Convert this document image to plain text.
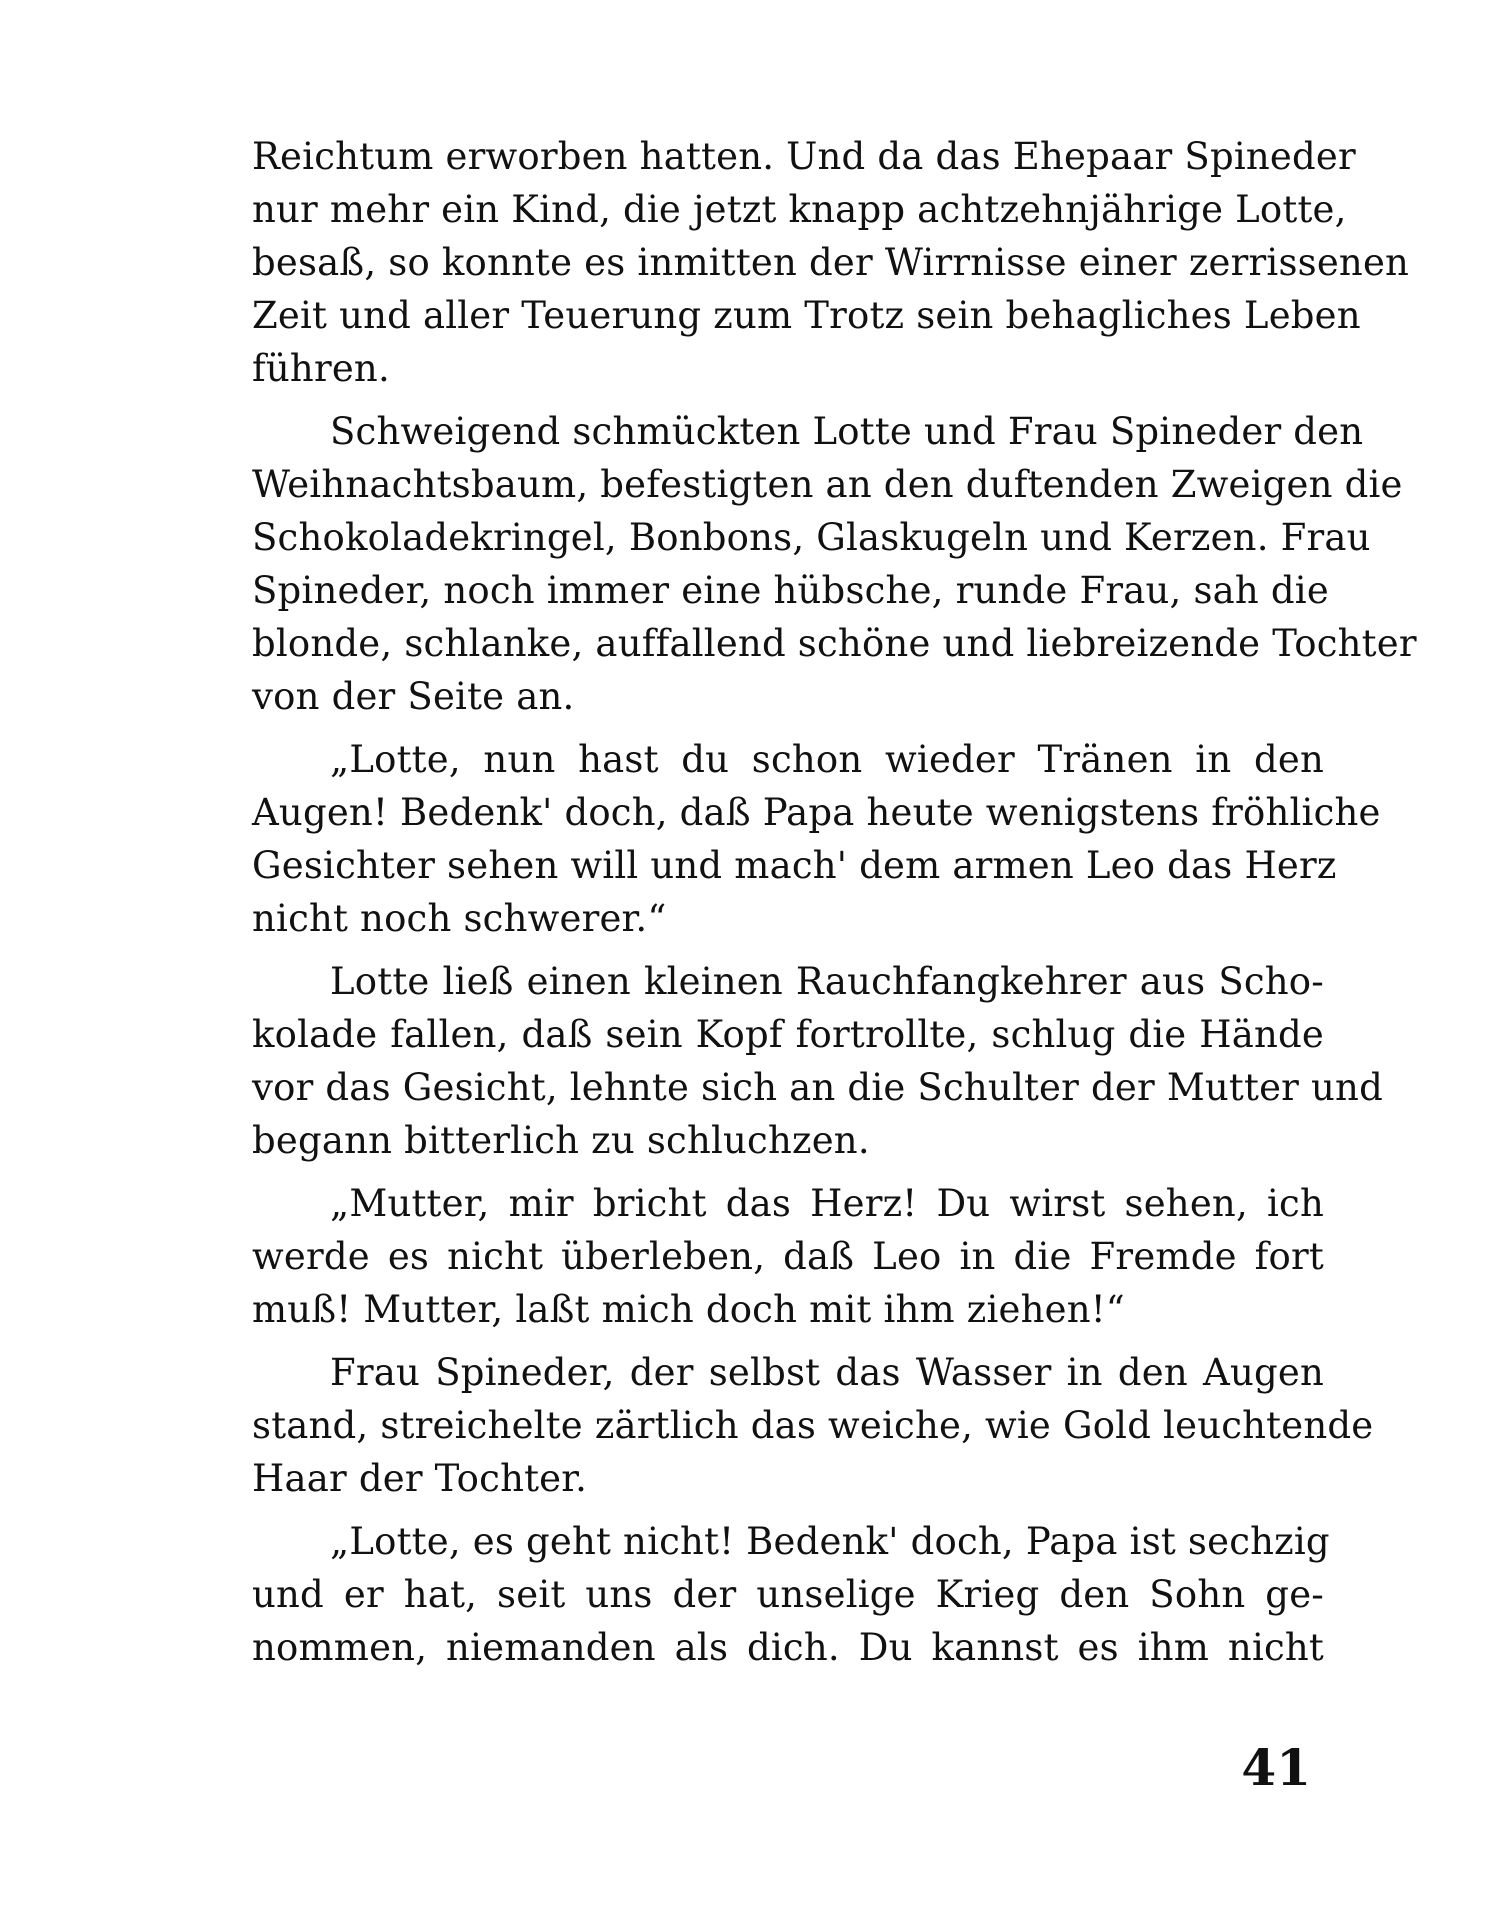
Reichtum erworben hatten. Und da das Ehepaar Spineder
nur mehr ein Kind, die jetzt knapp achtzehnjährige Lotte,
besaß, so konnte es inmitten der Wirrnisse einer zerrissenen
Zeit und aller Teuerung zum Trotz sein behagliches Leben
führen.
Schweigend schmückten Lotte und Frau Spineder den
Weihnachtsbaum, befestigten an den duftenden Zweigen die
Schokoladekringel, Bonbons, Glaskugeln und Kerzen. Frau
Spineder, noch immer eine hübsche, runde Frau, sah die
blonde, schlanke, auffallend schöne und liebreizende Tochter
von der Seite an.
„Lotte, nun hast du schon wieder Tränen in den
Augen! Bedenk' doch, daß Papa heute wenigstens fröhliche
Gesichter sehen will und mach' dem armen Leo das Herz
nicht noch schwerer.“
Lotte ließ einen kleinen Rauchfangkehrer aus Scho-
kolade fallen, daß sein Kopf fortrollte, schlug die Hände
vor das Gesicht, lehnte sich an die Schulter der Mutter und
begann bitterlich zu schluchzen.
„Mutter, mir bricht das Herz! Du wirst sehen, ich
werde es nicht überleben, daß Leo in die Fremde fort
muß! Mutter, laßt mich doch mit ihm ziehen!“
Frau Spineder, der selbst das Wasser in den Augen
stand, streichelte zärtlich das weiche, wie Gold leuchtende
Haar der Tochter.
„Lotte, es geht nicht! Bedenk' doch, Papa ist sechzig
und er hat, seit uns der unselige Krieg den Sohn ge-
nommen, niemanden als dich. Du kannst es ihm nicht
41
